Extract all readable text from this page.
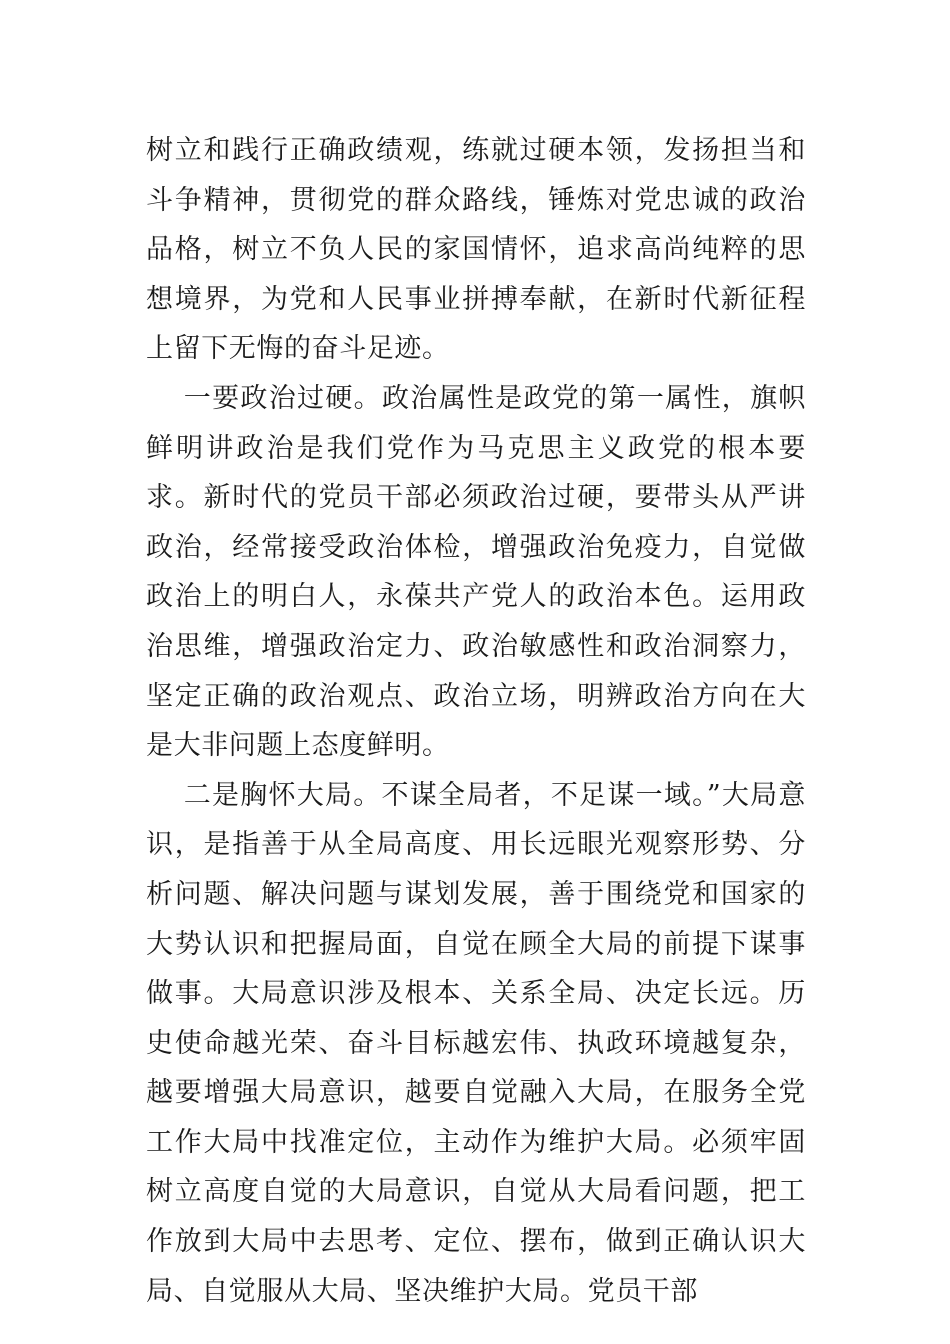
树立和践行正确政绩观，练就过硬本领，发扬担当和斗争精神，贯彻党的群众路线，锤炼对党忠诚的政治品格，树立不负人民的家国情怀，追求高尚纯粹的思想境界，为党和人民事业拼搏奉献，在新时代新征程上留下无悔的奋斗足迹。

一要政治过硬。政治属性是政党的第一属性，旗帜鲜明讲政治是我们党作为马克思主义政党的根本要求。新时代的党员干部必须政治过硬，要带头从严讲政治，经常接受政治体检，增强政治免疫力，自觉做政治上的明白人，永葆共产党人的政治本色。运用政治思维，增强政治定力、政治敏感性和政治洞察力，坚定正确的政治观点、政治立场，明辨政治方向在大是大非问题上态度鲜明。

二是胸怀大局。不谋全局者，不足谋一域。”大局意识，是指善于从全局高度、用长远眼光观察形势、分析问题、解决问题与谋划发展，善于围绕党和国家的大势认识和把握局面，自觉在顾全大局的前提下谋事做事。大局意识涉及根本、关系全局、决定长远。历史使命越光荣、奋斗目标越宏伟、执政环境越复杂，越要增强大局意识，越要自觉融入大局，在服务全党工作大局中找准定位，主动作为维护大局。必须牢固树立高度自觉的大局意识，自觉从大局看问题，把工作放到大局中去思考、定位、摆布，做到正确认识大局、自觉服从大局、坚决维护大局。党员干部
